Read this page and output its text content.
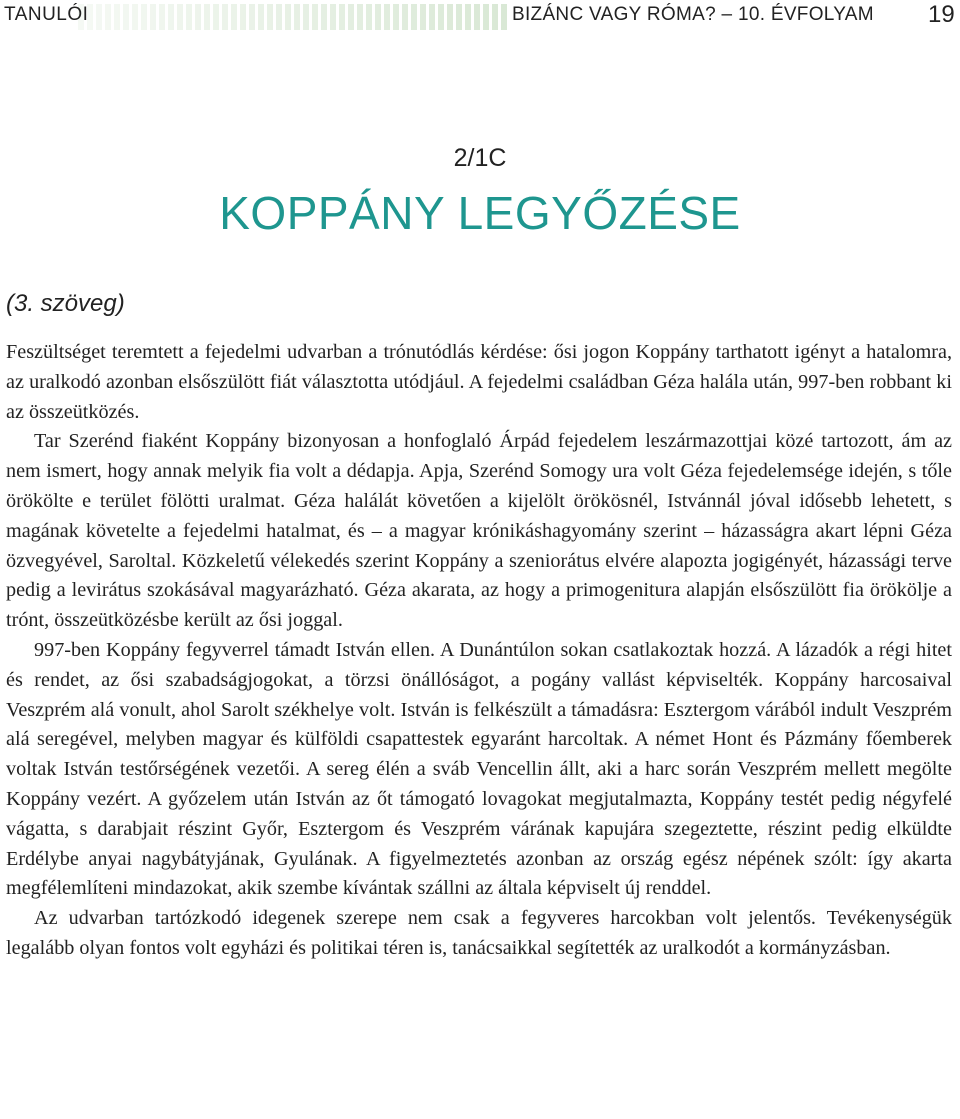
TANULÓI	BIZÁNC VAGY RÓMA? – 10. ÉVFOLYAM 19
2/1C
KOPPÁNY LEGYŐZÉSE
(3. szöveg)

Feszültséget teremtett a fejedelmi udvarban a trónutódlás kérdése: ősi jogon Koppány tarthatott igényt a hatalomra, az uralkodó azonban elsőszülött fiát választotta utódjául. A fejedelmi családban Géza halála után, 997-ben robbant ki az összeütközés.

Tar Szerénd fiaként Koppány bizonyosan a honfoglaló Árpád fejedelem leszármazottjai közé tartozott, ám az nem ismert, hogy annak melyik fia volt a dédapja. Apja, Szerénd Somogy ura volt Géza fejedelemsége idején, s tőle örökölte e terület fölötti uralmat. Géza halálát követően a kijelölt örökösnél, Istvánnál jóval idősebb lehetett, s magának követelte a fejedelmi hatalmat, és – a magyar krónikáshagyomány szerint – házasságra akart lépni Géza özvegyével, Saroltal. Közkeletű vélekedés szerint Koppány a szeniorátus elvére alapozta jogigényét, házassági terve pedig a levirátus szokásával magyarázható. Géza akarata, az hogy a primogenitura alapján elsőszülött fia örökölje a trónt, összeütközésbe került az ősi joggal.

997-ben Koppány fegyverrel támadt István ellen. A Dunántúlon sokan csatlakoztak hozzá. A lázadók a régi hitet és rendet, az ősi szabadságjogokat, a törzsi önállóságot, a pogány vallást képviselték. Koppány harcosaival Veszprém alá vonult, ahol Sarolt székhelye volt. István is felkészült a támadásra: Esztergom várából indult Veszprém alá seregével, melyben magyar és külföldi csapattestek egyaránt harcoltak. A német Hont és Pázmány főemberek voltak István testőrségének vezetői. A sereg élén a sváb Vencellin állt, aki a harc során Veszprém mellett megölte Koppány vezért. A győzelem után István az őt támogató lovagokat megjutalmazta, Koppány testét pedig négyfelé vágatta, s darabjait részint Győr, Esztergom és Veszprém várának kapujára szegeztette, részint pedig elküldte Erdélybe anyai nagybátyjának, Gyulának. A figyelmeztetés azonban az ország egész népének szólt: így akarta megfélemlíteni mindazokat, akik szembe kívántak szállni az általa képviselt új renddel.

Az udvarban tartózkodó idegenek szerepe nem csak a fegyveres harcokban volt jelentős. Tevékenységük legalább olyan fontos volt egyházi és politikai téren is, tanácsaikkal segítették az uralkodót a kormányzásban.
